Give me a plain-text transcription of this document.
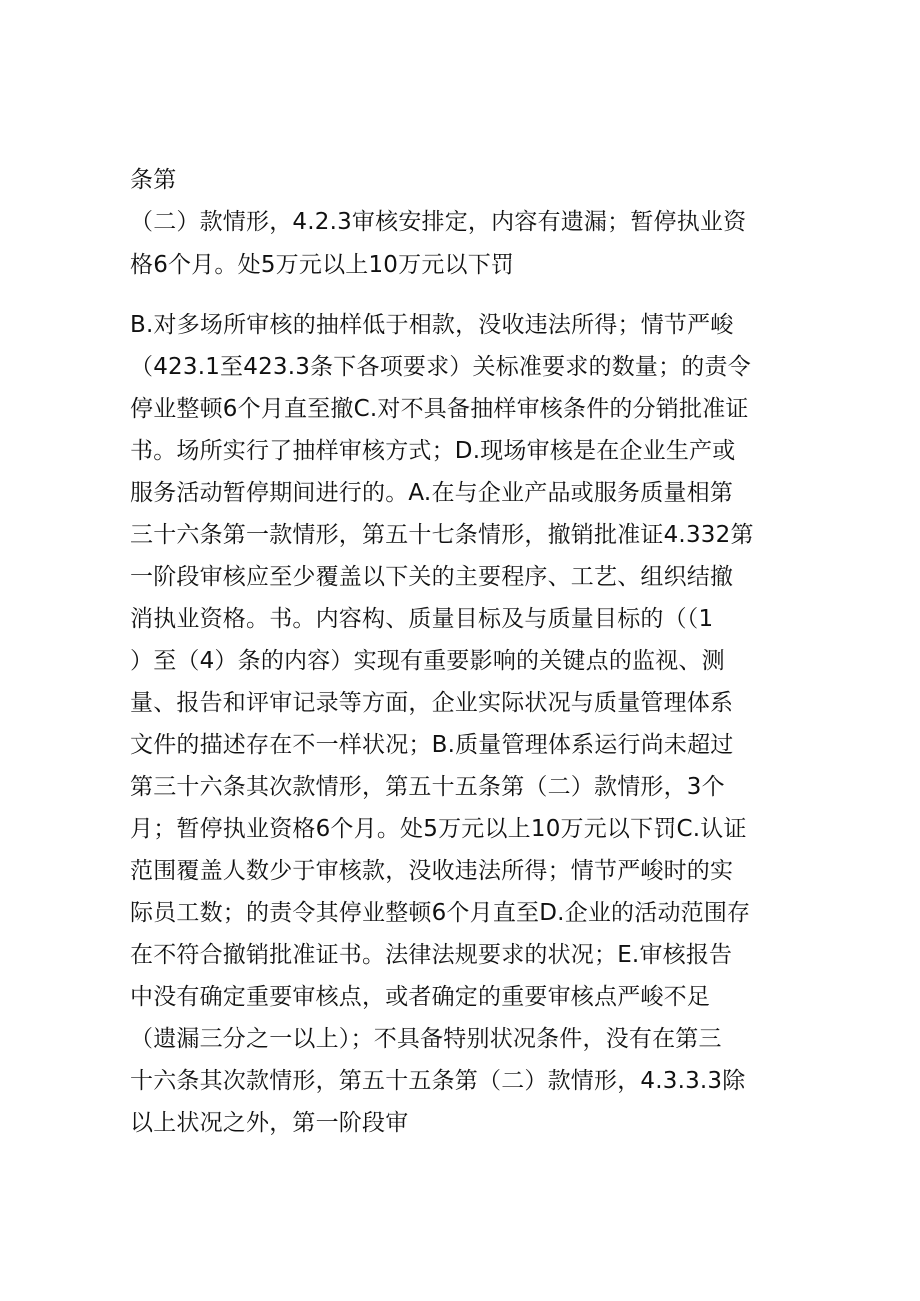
条第
（二）款情形，4.2.3审核安排定，内容有遗漏；暂停执业资
格6个月。处5万元以上10万元以下罚
B.对多场所审核的抽样低于相款，没收违法所得；情节严峻
（423.1至423.3条下各项要求）关标准要求的数量；的责令
停业整顿6个月直至撤C.对不具备抽样审核条件的分销批准证
书。场所实行了抽样审核方式；D.现场审核是在企业生产或
服务活动暂停期间进行的。A.在与企业产品或服务质量相第
三十六条第一款情形，第五十七条情形，撤销批准证4.332第
一阶段审核应至少覆盖以下关的主要程序、工艺、组织结撤
消执业资格。书。内容构、质量目标及与质量目标的（（1
）至（4）条的内容）实现有重要影响的关键点的监视、测
量、报告和评审记录等方面，企业实际状况与质量管理体系
文件的描述存在不一样状况；B.质量管理体系运行尚未超过
第三十六条其次款情形，第五十五条第（二）款情形，3个
月；暂停执业资格6个月。处5万元以上10万元以下罚C.认证
范围覆盖人数少于审核款，没收违法所得；情节严峻时的实
际员工数；的责令其停业整顿6个月直至D.企业的活动范围存
在不符合撤销批准证书。法律法规要求的状况；E.审核报告
中没有确定重要审核点，或者确定的重要审核点严峻不足
（遗漏三分之一以上）；不具备特别状况条件，没有在第三
十六条其次款情形，第五十五条第（二）款情形，4.3.3.3除
以上状况之外，第一阶段审
